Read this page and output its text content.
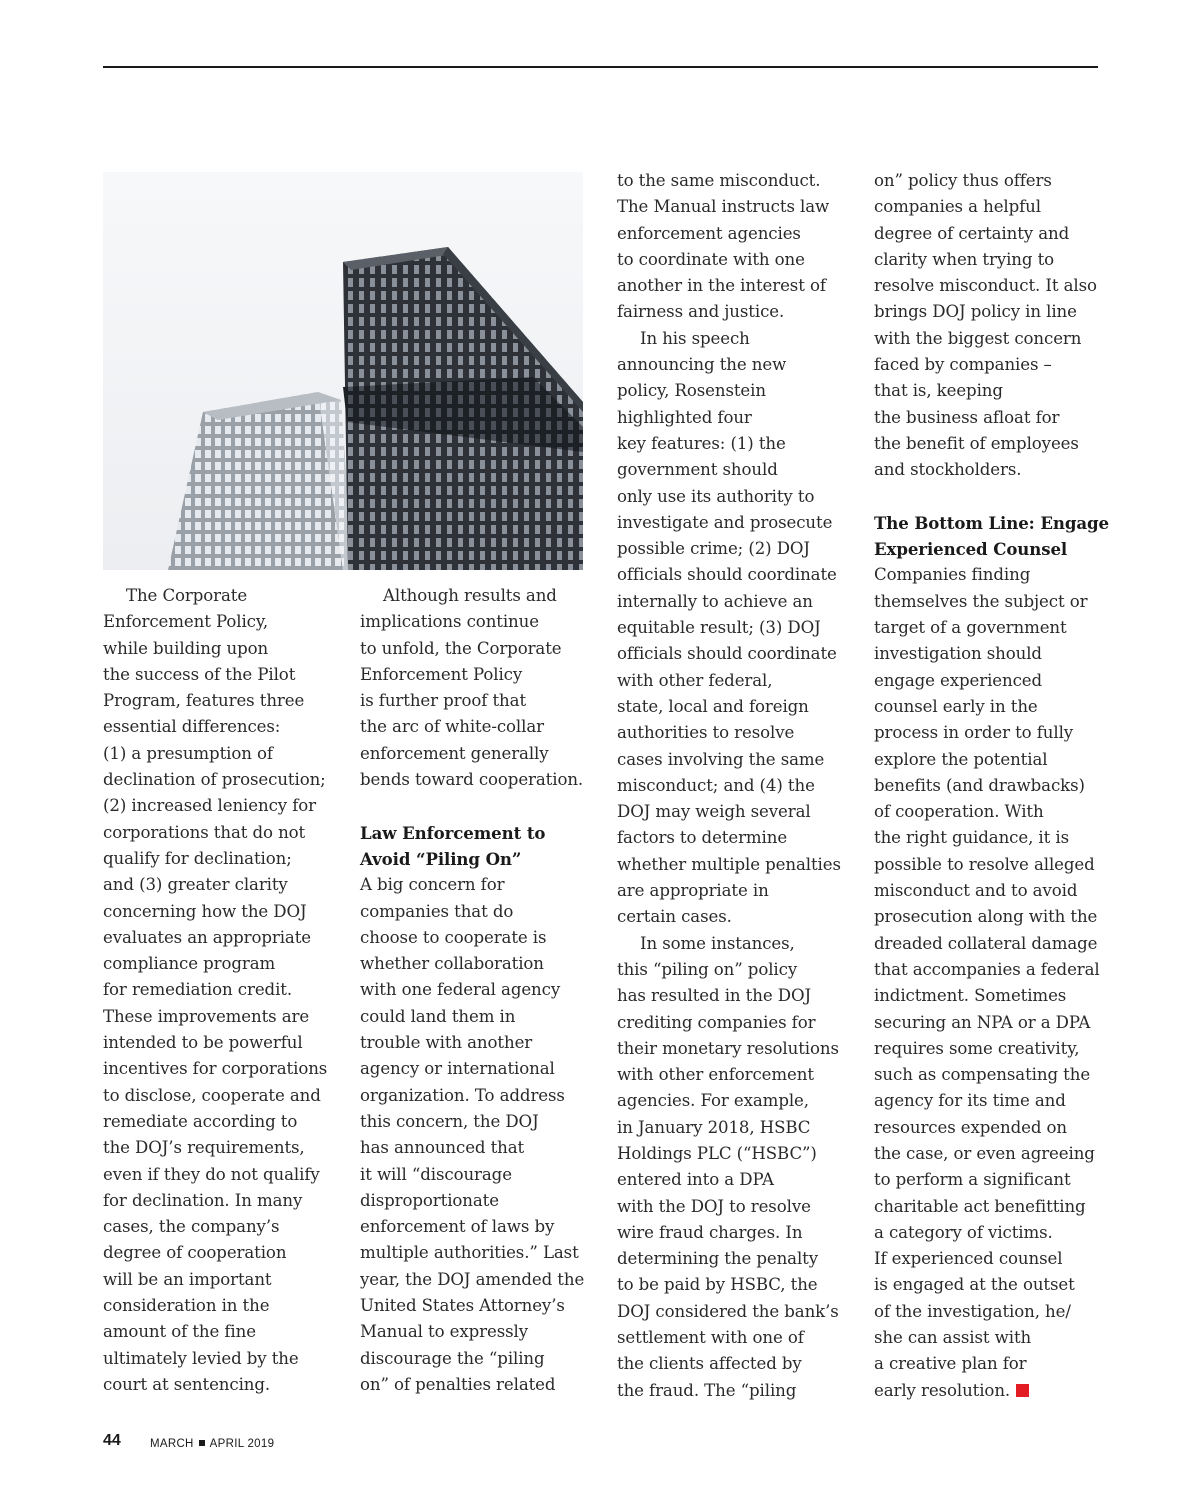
The Corporate
Enforcement Policy,
while building upon
the success of the Pilot
Program, features three
essential differences:
(1) a presumption of
declination of prosecution;
(2) increased leniency for
corporations that do not
qualify for declination;
and (3) greater clarity
concerning how the DOJ
evaluates an appropriate
compliance program
for remediation credit.
These improvements are
intended to be powerful
incentives for corporations
to disclose, cooperate and
remediate according to
the DOJ’s requirements,
even if they do not qualify
for declination. In many
cases, the company’s
degree of cooperation
will be an important
consideration in the
amount of the fine
ultimately levied by the
court at sentencing.

Although results and
implications continue
to unfold, the Corporate
Enforcement Policy
is further proof that
the arc of white-collar
enforcement generally
bends toward cooperation.

Law Enforcement to
Avoid “Piling On”

A big concern for
companies that do
choose to cooperate is
whether collaboration
with one federal agency
could land them in
trouble with another
agency or international
organization. To address
this concern, the DOJ
has announced that
it will “discourage
disproportionate
enforcement of laws by
multiple authorities.” Last
year, the DOJ amended the
United States Attorney’s
Manual to expressly
discourage the “piling
on” of penalties related

to the same misconduct.
The Manual instructs law
enforcement agencies
to coordinate with one
another in the interest of
fairness and justice.

In his speech
announcing the new
policy, Rosenstein
highlighted four
key features: (1) the
government should
only use its authority to
investigate and prosecute
possible crime; (2) DOJ
officials should coordinate
internally to achieve an
equitable result; (3) DOJ
officials should coordinate
with other federal,
state, local and foreign
authorities to resolve
cases involving the same
misconduct; and (4) the
DOJ may weigh several
factors to determine
whether multiple penalties
are appropriate in
certain cases.

In some instances,
this “piling on” policy
has resulted in the DOJ
crediting companies for
their monetary resolutions
with other enforcement
agencies. For example,
in January 2018, HSBC
Holdings PLC (“HSBC”)
entered into a DPA
with the DOJ to resolve
wire fraud charges. In
determining the penalty
to be paid by HSBC, the
DOJ considered the bank’s
settlement with one of
the clients affected by
the fraud. The “piling

on” policy thus offers
companies a helpful
degree of certainty and
clarity when trying to
resolve misconduct. It also
brings DOJ policy in line
with the biggest concern
faced by companies –
that is, keeping
the business afloat for
the benefit of employees
and stockholders.

The Bottom Line: Engage
Experienced Counsel

Companies finding
themselves the subject or
target of a government
investigation should
engage experienced
counsel early in the
process in order to fully
explore the potential
benefits (and drawbacks)
of cooperation. With
the right guidance, it is
possible to resolve alleged
misconduct and to avoid
prosecution along with the
dreaded collateral damage
that accompanies a federal
indictment. Sometimes
securing an NPA or a DPA
requires some creativity,
such as compensating the
agency for its time and
resources expended on
the case, or even agreeing
to perform a significant
charitable act benefitting
a category of victims.
If experienced counsel
is engaged at the outset
of the investigation, he/
she can assist with
a creative plan for
early resolution.

44	MARCH APRIL 2019
